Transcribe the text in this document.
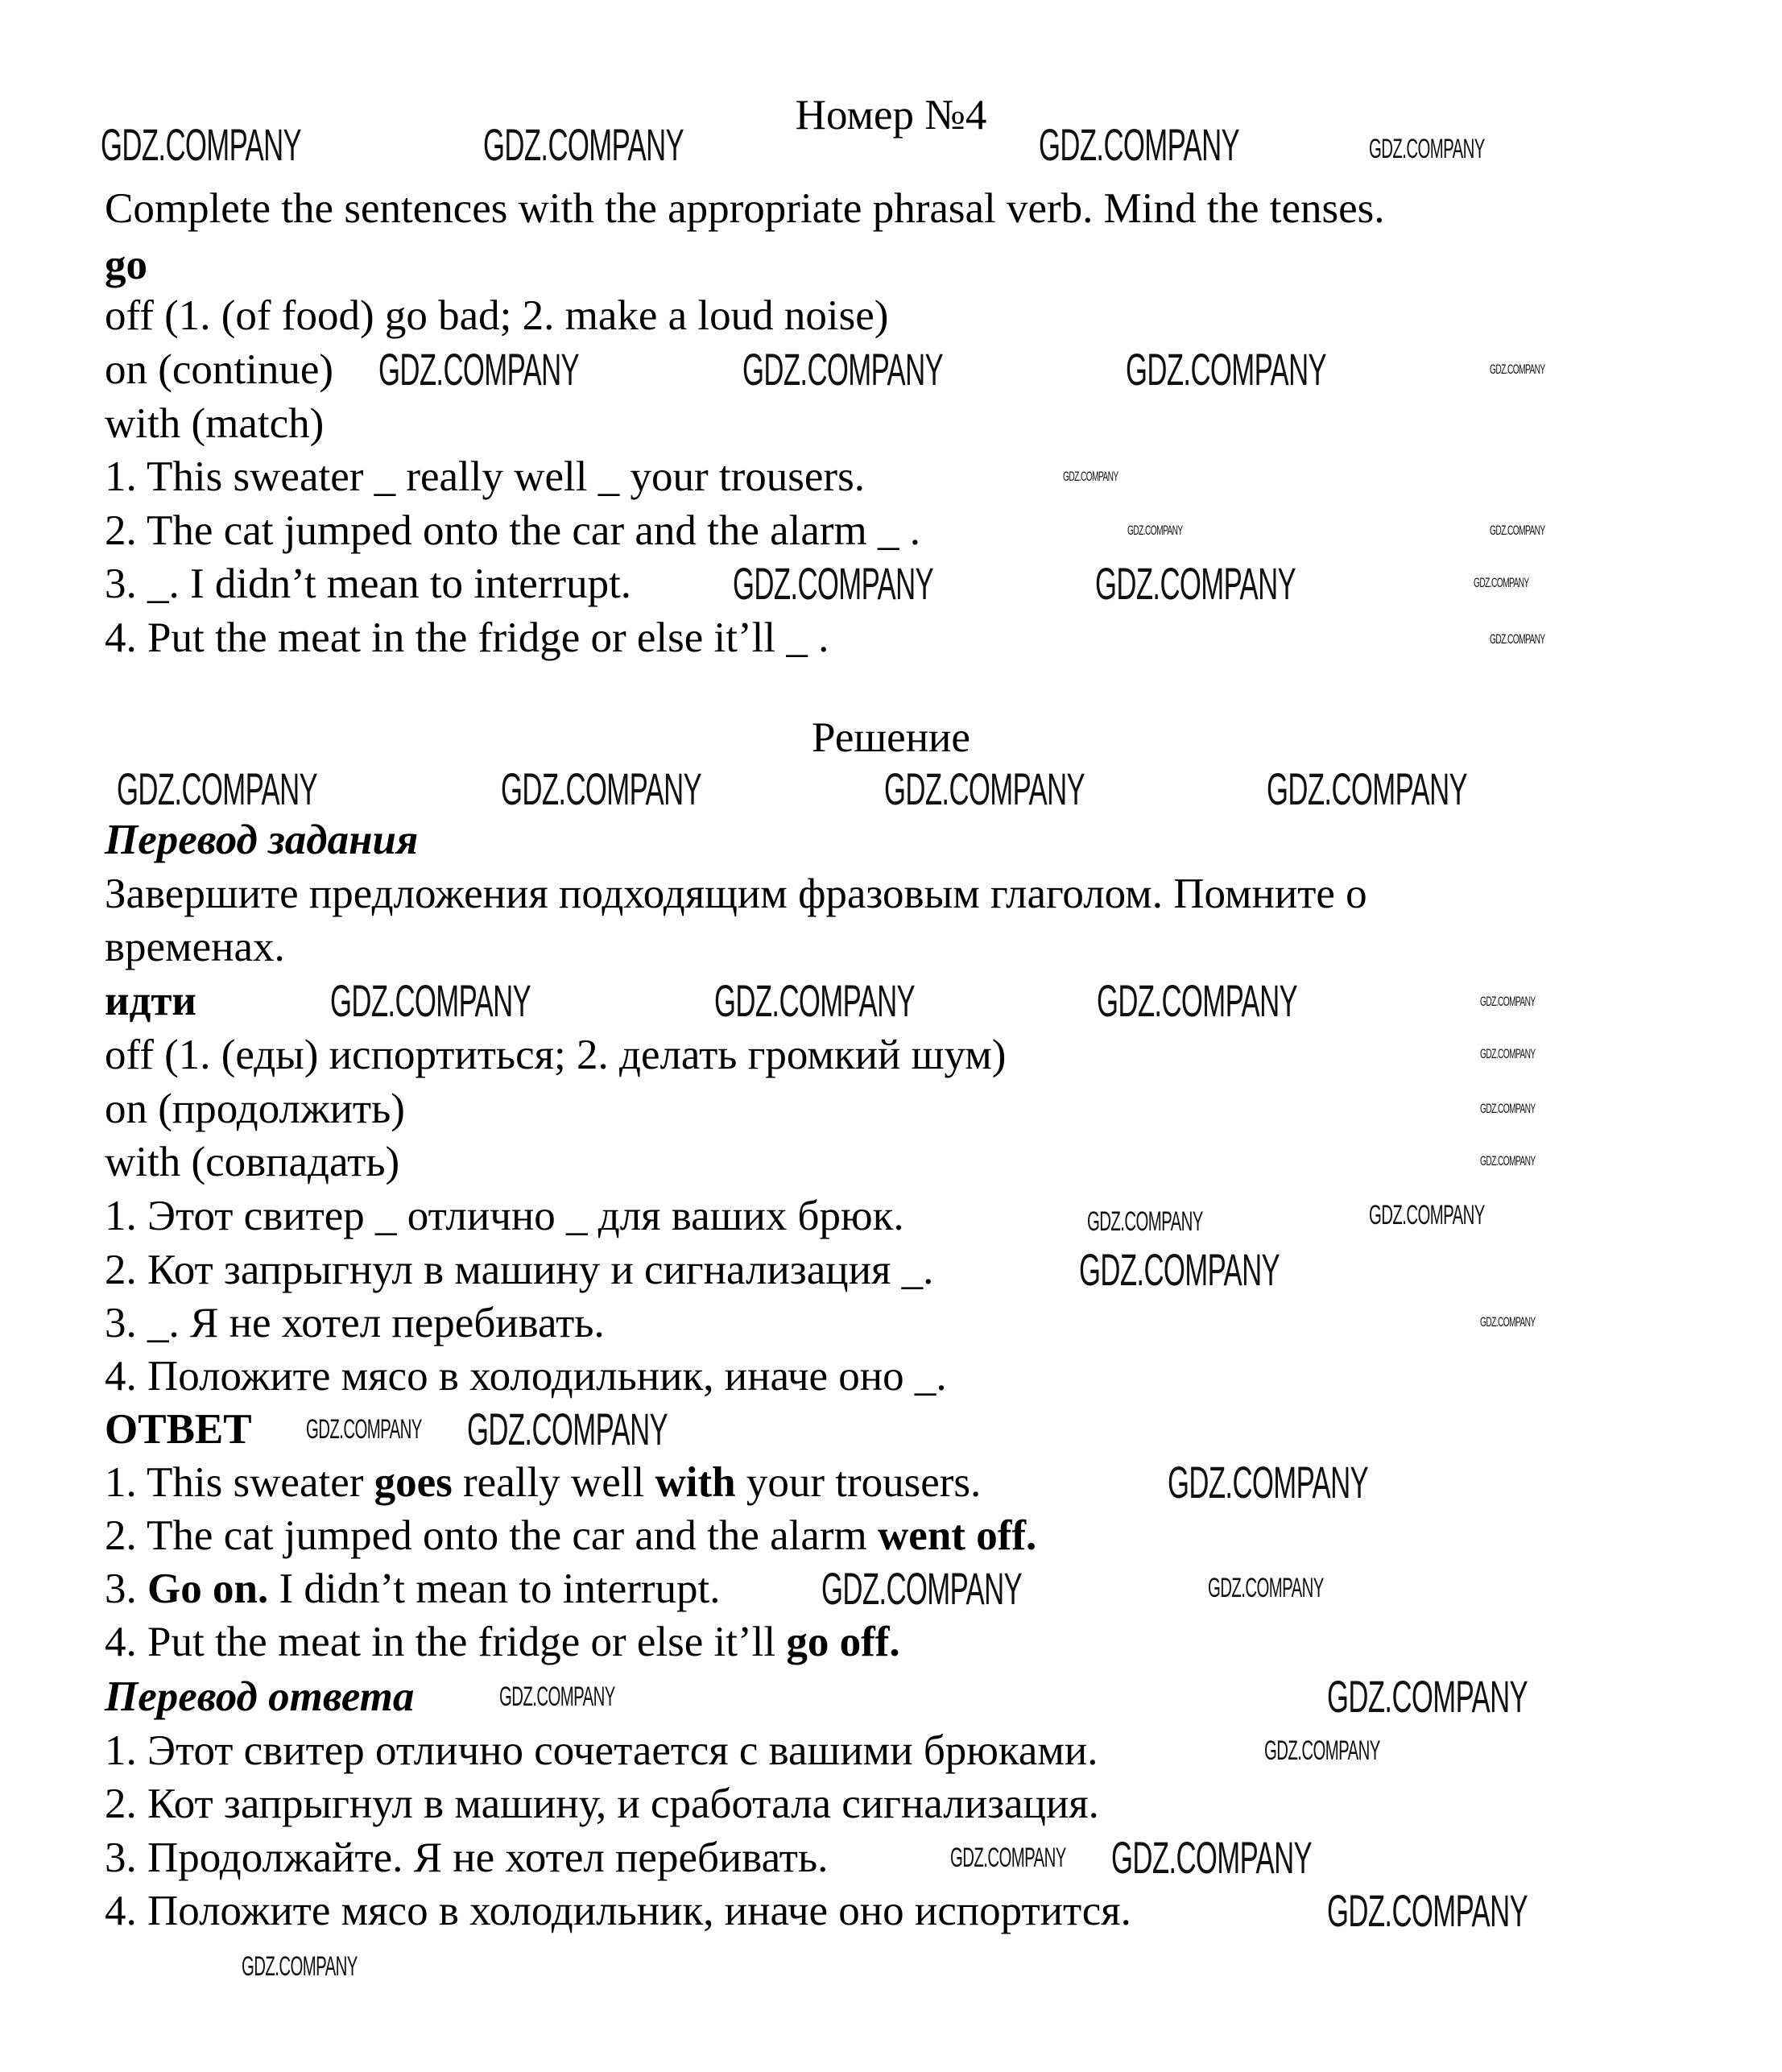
Номер №4
Complete the sentences with the appropriate phrasal verb. Mind the tenses.
go
off (1. (of food) go bad; 2. make a loud noise)
on (continue)
with (match)
1. This sweater _ really well _ your trousers.
2. The cat jumped onto the car and the alarm _ .
3. _. I didn’t mean to interrupt.
4. Put the meat in the fridge or else it’ll _ .
Решение
Перевод задания
Завершите предложения подходящим фразовым глаголом. Помните о
временах.
идти
off (1. (еды) испортиться; 2. делать громкий шум)
on (продолжить)
with (совпадать)
1. Этот свитер _ отлично _ для ваших брюк.
2. Кот запрыгнул в машину и сигнализация _.
3. _. Я не хотел перебивать.
4. Положите мясо в холодильник, иначе оно _.
ОТВЕТ
1. This sweater goes really well with your trousers.
2. The cat jumped onto the car and the alarm went off.
3. Go on. I didn’t mean to interrupt.
4. Put the meat in the fridge or else it’ll go off.
Перевод ответа
1. Этот свитер отлично сочетается с вашими брюками.
2. Кот запрыгнул в машину, и сработала сигнализация.
3. Продолжайте. Я не хотел перебивать.
4. Положите мясо в холодильник, иначе оно испортится.
GDZ.COMPANY	GDZ.COMPANY	GDZ.COMPANY	GDZ.COMPANY
GDZ.COMPANY
GDZ.COMPANY	GDZ.COMPANY	GDZ.COMPANY
GDZ.COMPANY
GDZ.COMPANY
GDZ.COMPANY
GDZ.COMPANY
GDZ.COMPANY	GDZ.COMPANY	GDZ.COMPANY
GDZ.COMPANY	GDZ.COMPANY	GDZ.COMPANY	GDZ.COMPANY
GDZ.COMPANY	GDZ.COMPANY	GDZ.COMPANY	GDZ.COMPANY
GDZ.COMPANY
GDZ.COMPANY
GDZ.COMPANY
GDZ.COMPANY
GDZ.COMPANY
GDZ.COMPANY
GDZ.COMPANY
GDZ.COMPANY
GDZ.COMPANY
GDZ.COMPANY
GDZ.COMPANY
GDZ.COMPANY
GDZ.COMPANY	GDZ.COMPANY
GDZ.COMPANY
GDZ.COMPANY GDZ.COMPANY
GDZ.COMPANY
GDZ.COMPANY
